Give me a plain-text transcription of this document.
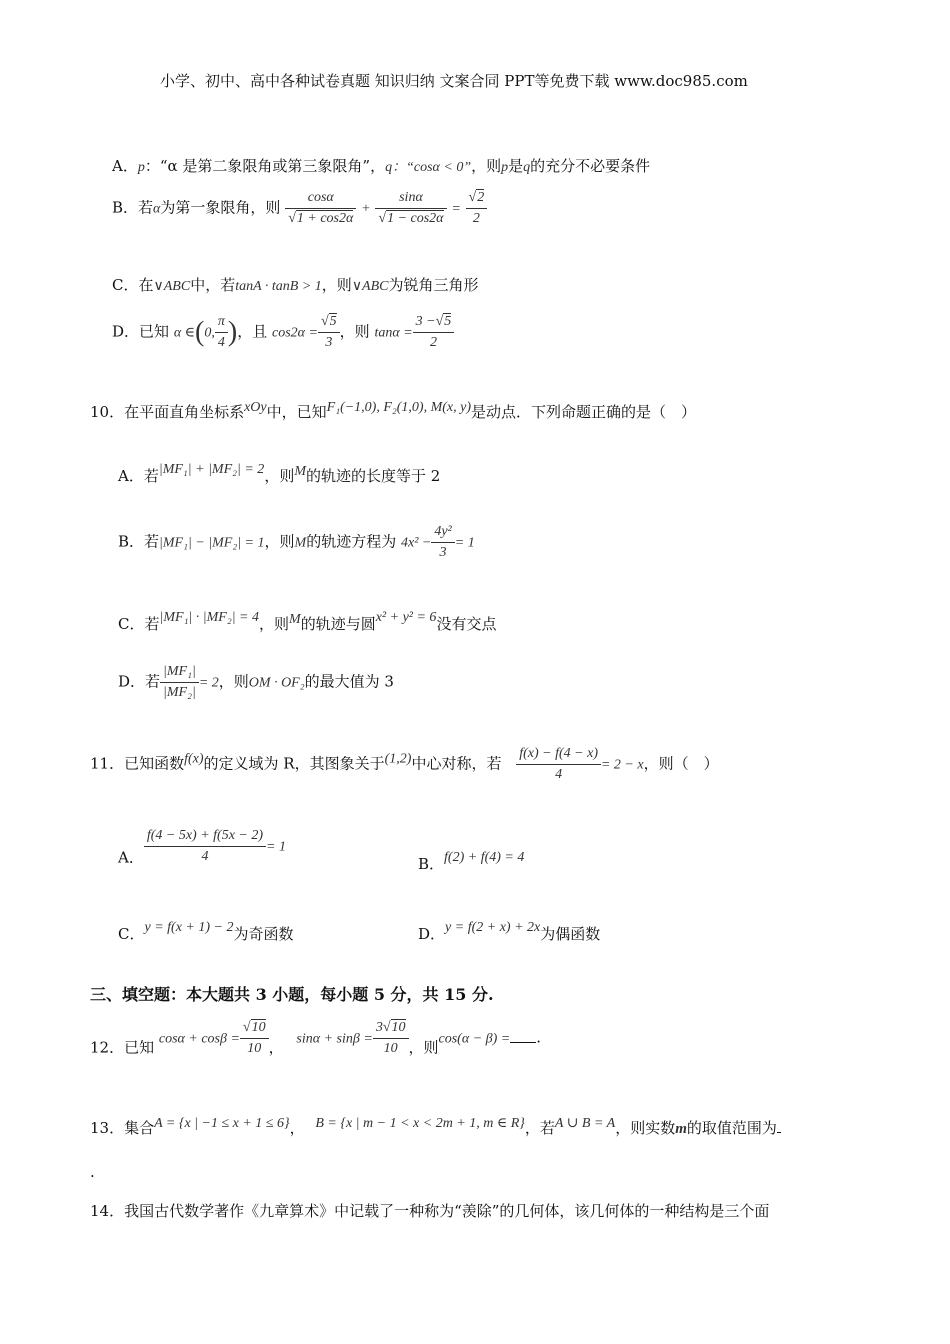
小学、初中、高中各种试卷真题 知识归纳 文案合同 PPT等免费下载 www.doc985.com
A．p：“α 是第二象限角或第三象限角”，q：“cosα < 0”，则p是q的充分不必要条件
B．若α为第一象限角，则 $\frac{\cos\alpha}{√1 + \cos 2\alpha} + \frac{\sin\alpha}{√1 - \cos 2\alpha} = \frac{√2}{2}$
C．在∨ABC中，若tanA · tanB > 1，则∨ABC为锐角三角形
D．已知 α ∈(0, $\frac{\pi}{4}$ )，且 $\cos 2\alpha = \frac{√5}{3}$ ，则 $\tan\alpha = \frac{3 -√5}{2}$
10．在平面直角坐标系xOy中，已知F₁(−1,0), F₂(1,0), M(x, y)是动点．下列命题正确的是（　）
A．若|MF₁| + |MF₂| = 2，则M的轨迹的长度等于 2
B．若|MF₁| − |MF₂| = 1，则M的轨迹方程为 $4x^2 - \frac{\text{4y²}}{3} = 1$
C．若|MF₁| · |MF₂| = 4，则M的轨迹与圆x² + y² = 6没有交点
D．若 $\frac{\text{|MF₁|}}{\text{|MF₂|}} = 2$，则OM · OF₂的最大值为 3
11．已知函数f(x)的定义域为 R，其图象关于(1,2)中心对称，若 $\frac{f(x) - f(4 - x)}{4} = 2 - x$，则（　）
A． $\frac{f(4 - 5x) + f(5x - 2)}{4} = 1$
B．f(2) + f(4) = 4
C．y = f(x + 1) − 2为奇函数	D．y = f(2 + x) + 2x为偶函数
三、填空题：本大题共 3 小题，每小题 5 分，共 15 分.
12．已知 $\cos\alpha + \cos\beta = \frac{√10}{10}$ ， $\sin\alpha + \sin\beta = \frac{3√10}{10}$ ，则cos(α − β) = .
13．集合A = {x | −1 ≤ x + 1 ≤ 6}， B = {x | m − 1 < x < 2m + 1, m ∈ R}，若A ∪ B = A，则实数m的取值范围为
.
14．我国古代数学著作《九章算术》中记载了一种称为“羡除”的几何体，该几何体的一种结构是三个面
